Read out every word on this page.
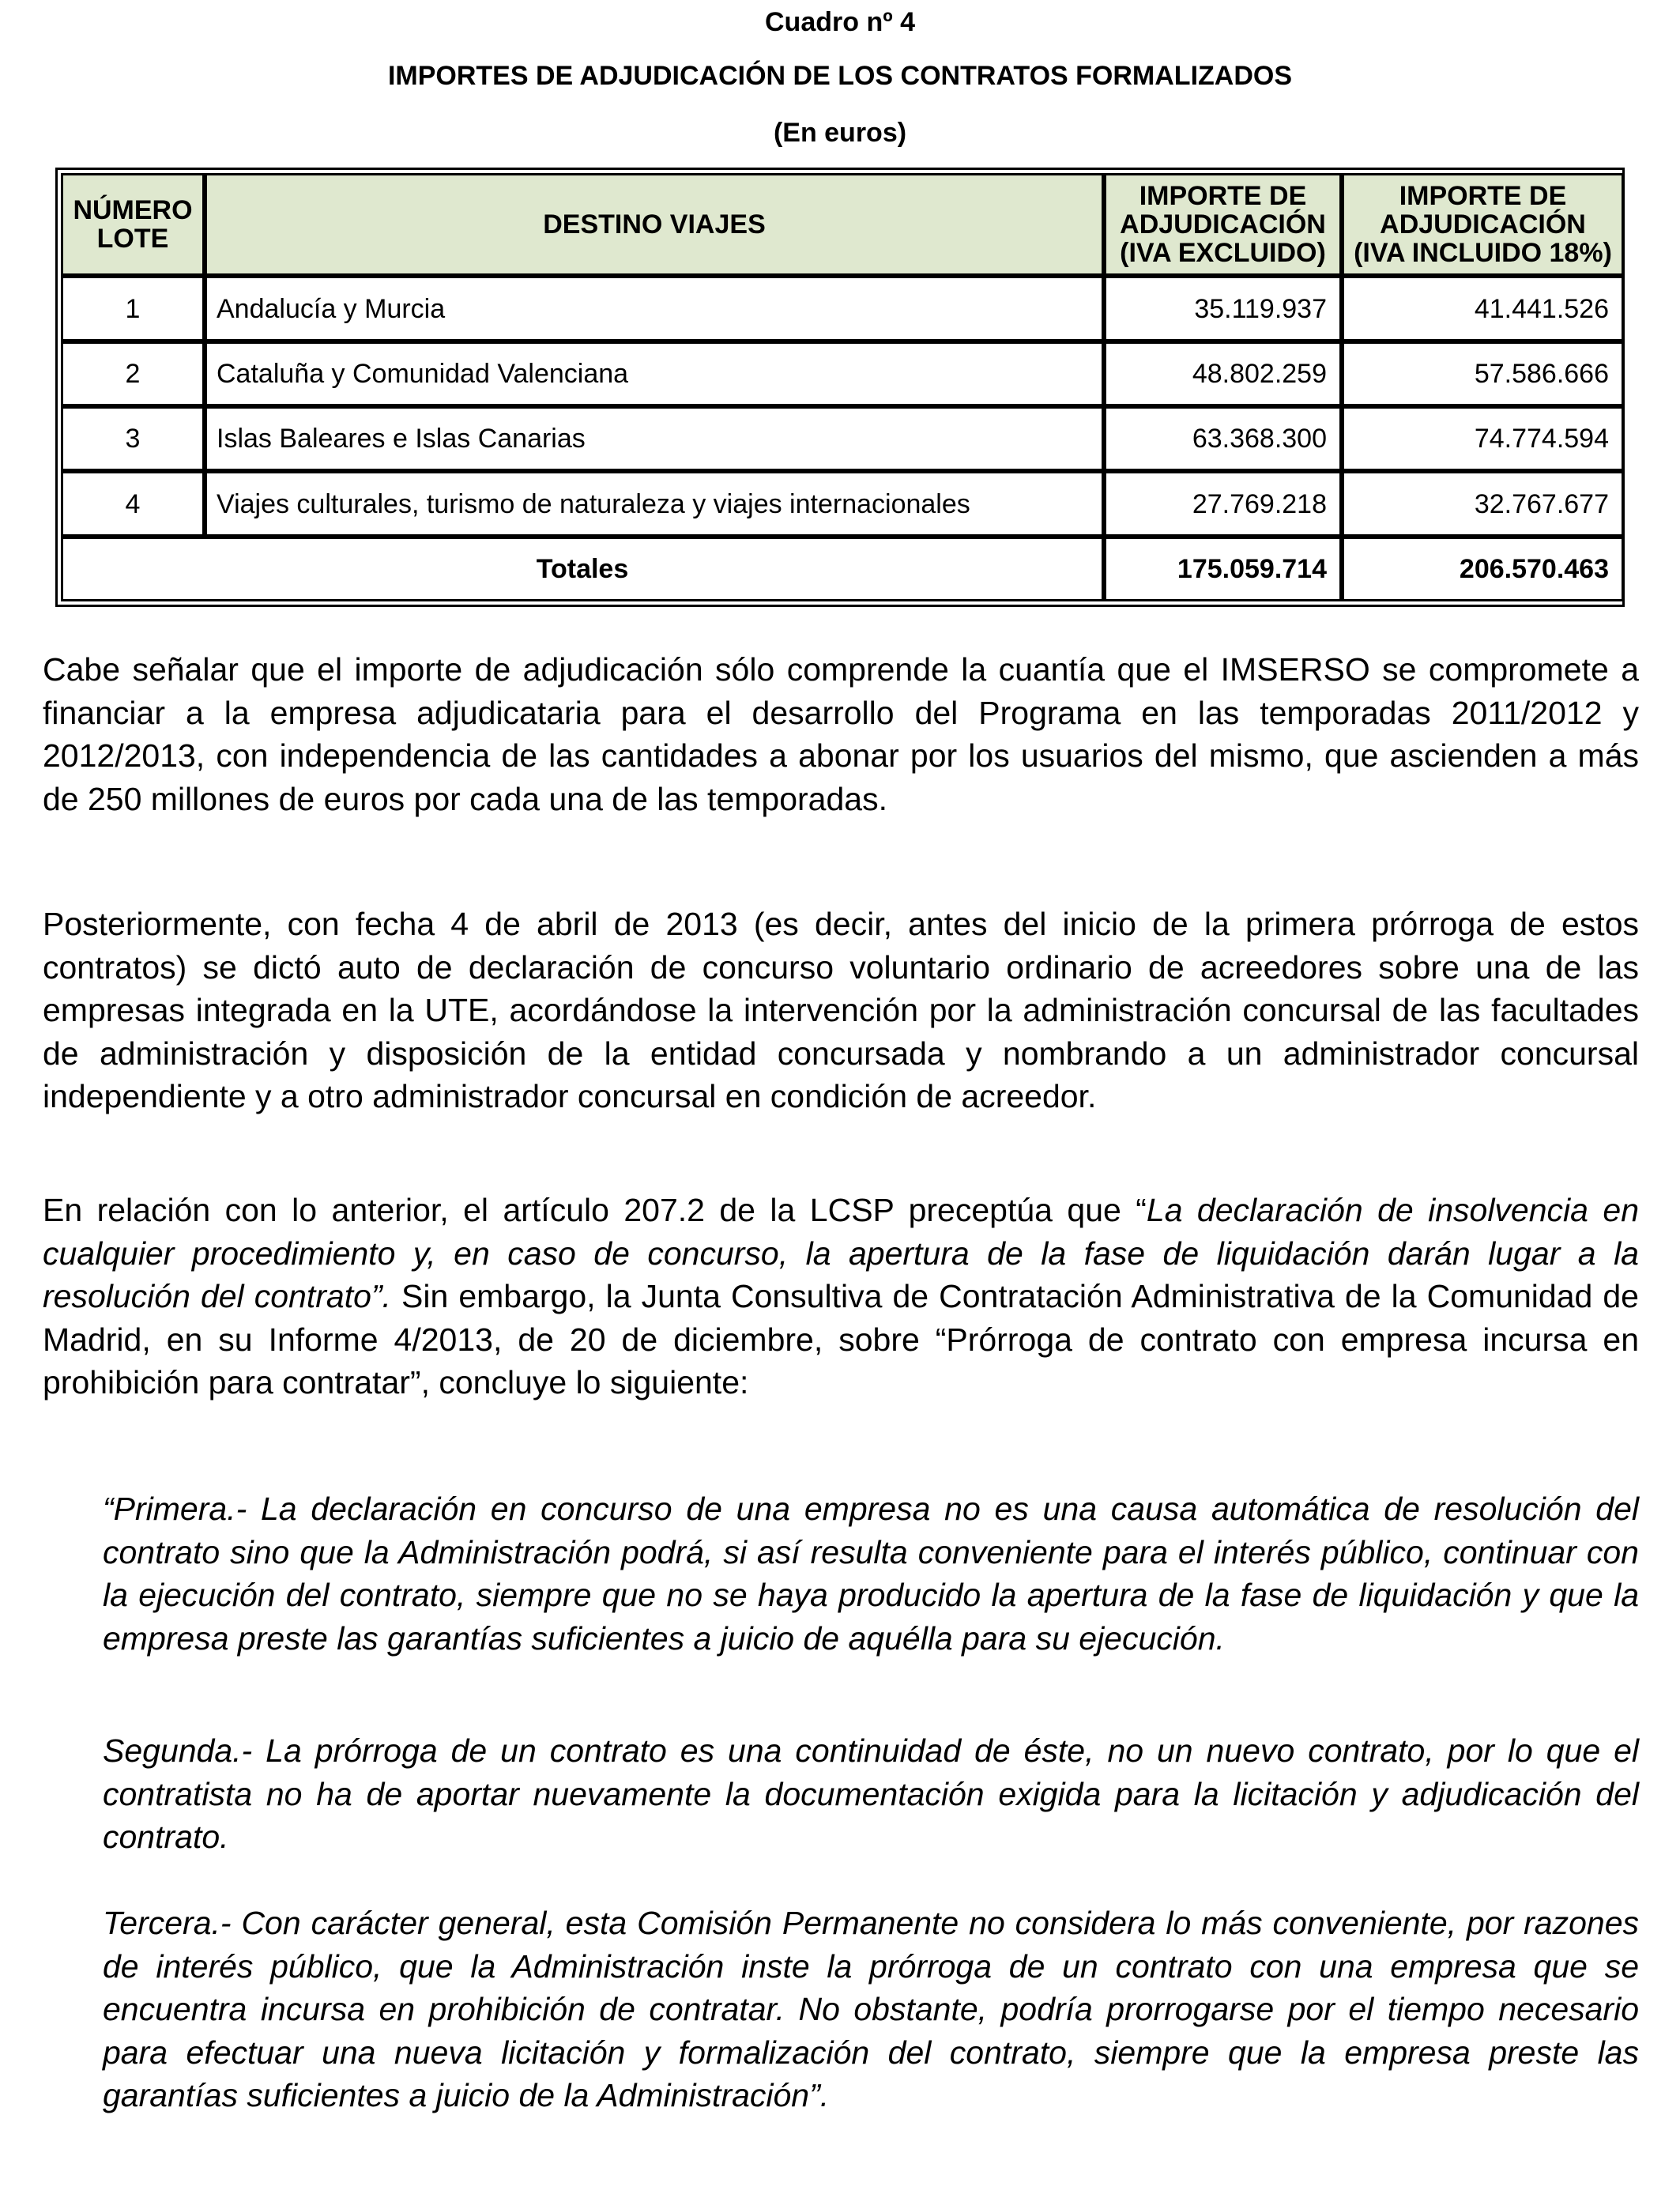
Cuadro nº 4
IMPORTES DE ADJUDICACIÓN DE LOS CONTRATOS FORMALIZADOS
(En euros)
NÚMERO LOTE	DESTINO VIAJES	IMPORTE DE ADJUDICACIÓN (IVA EXCLUIDO)	IMPORTE DE ADJUDICACIÓN (IVA INCLUIDO 18%)
1	Andalucía y Murcia	35.119.937	41.441.526
2	Cataluña y Comunidad Valenciana	48.802.259	57.586.666
3	Islas Baleares e Islas Canarias	63.368.300	74.774.594
4	Viajes culturales, turismo de naturaleza y viajes internacionales	27.769.218	32.767.677
Totales		175.059.714	206.570.463

Cabe señalar que el importe de adjudicación sólo comprende la cuantía que el IMSERSO se compromete a financiar a la empresa adjudicataria para el desarrollo del Programa en las temporadas 2011/2012 y 2012/2013, con independencia de las cantidades a abonar por los usuarios del mismo, que ascienden a más de 250 millones de euros por cada una de las temporadas.

Posteriormente, con fecha 4 de abril de 2013 (es decir, antes del inicio de la primera prórroga de estos contratos) se dictó auto de declaración de concurso voluntario ordinario de acreedores sobre una de las empresas integrada en la UTE, acordándose la intervención por la administración concursal de las facultades de administración y disposición de la entidad concursada y nombrando a un administrador concursal independiente y a otro administrador concursal en condición de acreedor.

En relación con lo anterior, el artículo 207.2 de la LCSP preceptúa que “La declaración de insolvencia en cualquier procedimiento y, en caso de concurso, la apertura de la fase de liquidación darán lugar a la resolución del contrato”. Sin embargo, la Junta Consultiva de Contratación Administrativa de la Comunidad de Madrid, en su Informe 4/2013, de 20 de diciembre, sobre “Prórroga de contrato con empresa incursa en prohibición para contratar”, concluye lo siguiente:

“Primera.- La declaración en concurso de una empresa no es una causa automática de resolución del contrato sino que la Administración podrá, si así resulta conveniente para el interés público, continuar con la ejecución del contrato, siempre que no se haya producido la apertura de la fase de liquidación y que la empresa preste las garantías suficientes a juicio de aquélla para su ejecución.

Segunda.- La prórroga de un contrato es una continuidad de éste, no un nuevo contrato, por lo que el contratista no ha de aportar nuevamente la documentación exigida para la licitación y adjudicación del contrato.

Tercera.- Con carácter general, esta Comisión Permanente no considera lo más conveniente, por razones de interés público, que la Administración inste la prórroga de un contrato con una empresa que se encuentra incursa en prohibición de contratar. No obstante, podría prorrogarse por el tiempo necesario para efectuar una nueva licitación y formalización del contrato, siempre que la empresa preste las garantías suficientes a juicio de la Administración”.
